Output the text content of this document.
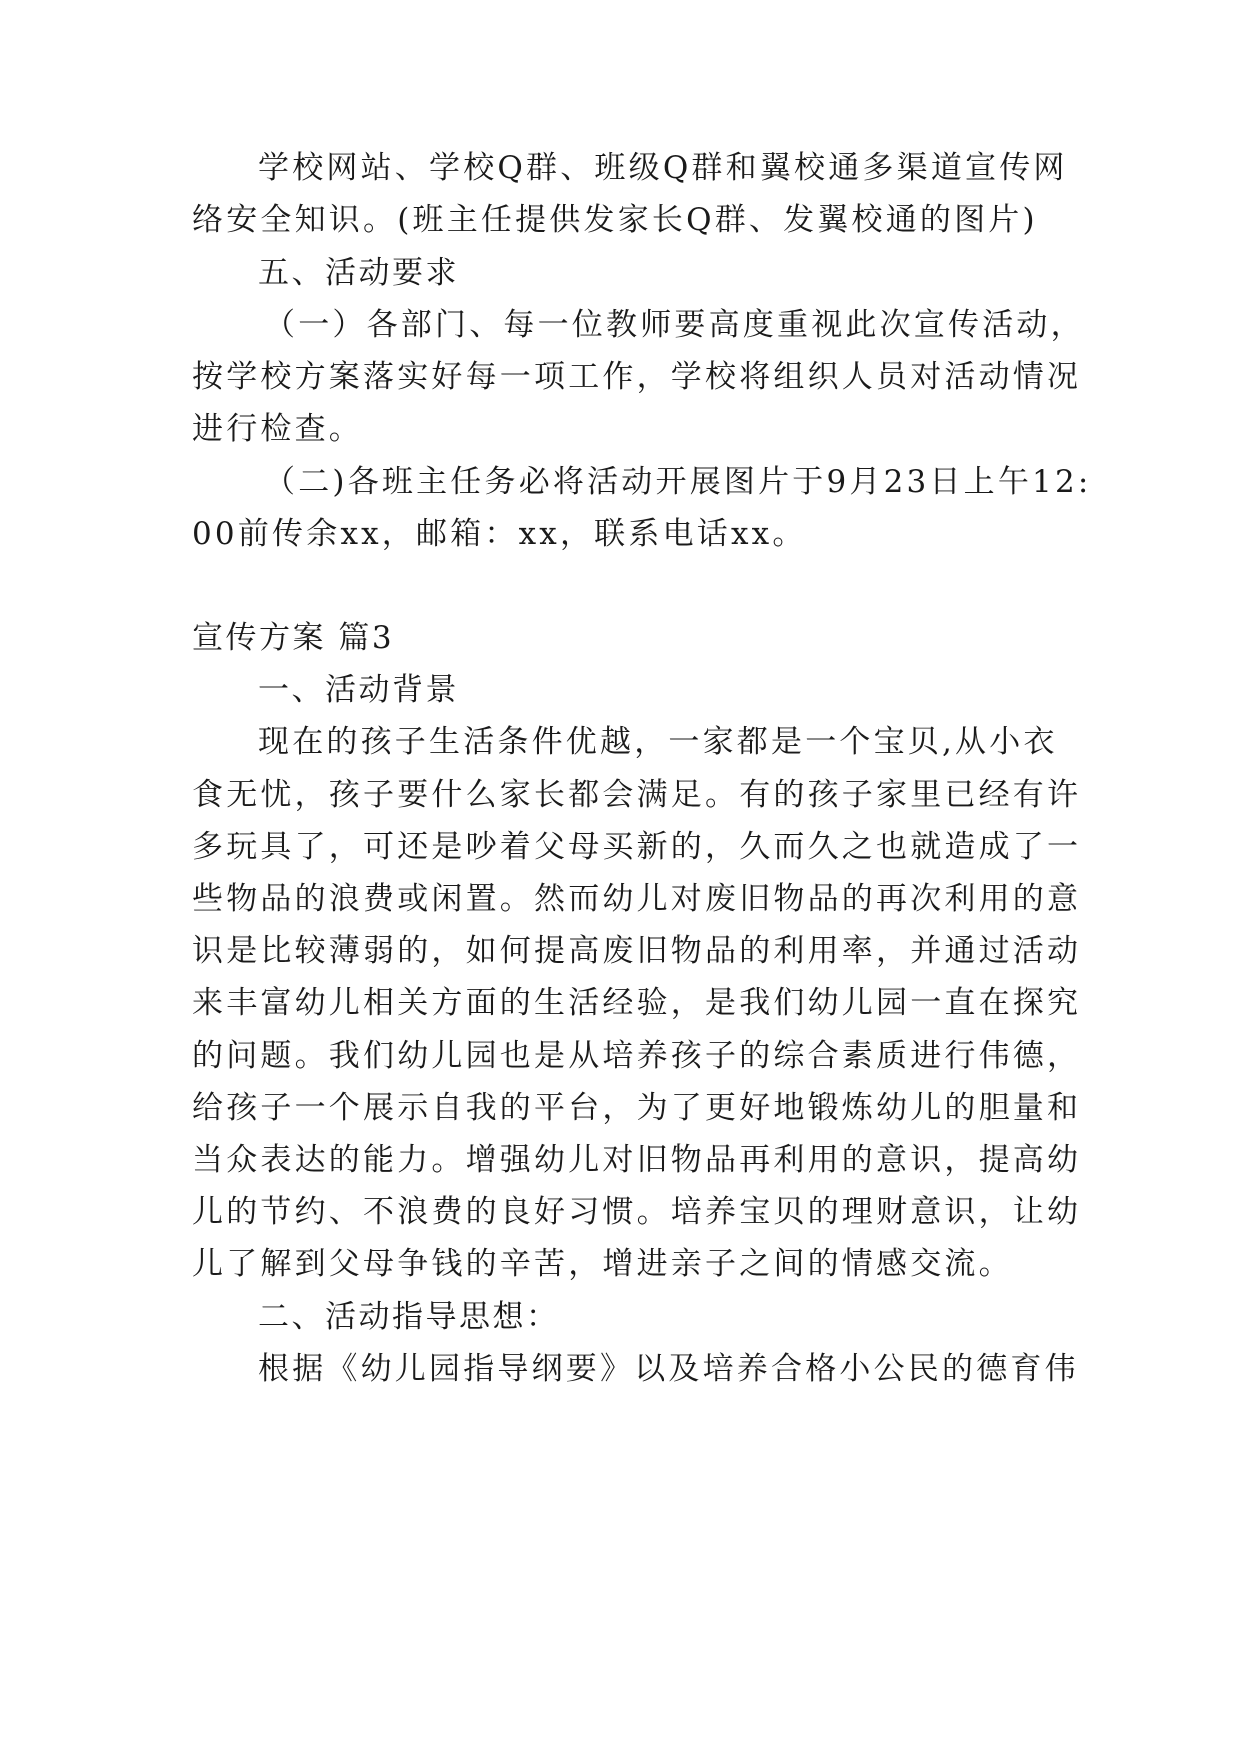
学校网站、学校Q群、班级Q群和翼校通多渠道宣传网
络安全知识。(班主任提供发家长Q群、发翼校通的图片)
五、活动要求
（一）各部门、每一位教师要高度重视此次宣传活动，
按学校方案落实好每一项工作，学校将组织人员对活动情况
进行检查。
（二)各班主任务必将活动开展图片于9月23日上午12:
00前传余xx，邮箱：xx，联系电话xx。
宣传方案 篇3
一、活动背景
现在的孩子生活条件优越，一家都是一个宝贝,从小衣
食无忧，孩子要什么家长都会满足。有的孩子家里已经有许
多玩具了，可还是吵着父母买新的，久而久之也就造成了一
些物品的浪费或闲置。然而幼儿对废旧物品的再次利用的意
识是比较薄弱的，如何提高废旧物品的利用率，并通过活动
来丰富幼儿相关方面的生活经验，是我们幼儿园一直在探究
的问题。我们幼儿园也是从培养孩子的综合素质进行伟德，
给孩子一个展示自我的平台，为了更好地锻炼幼儿的胆量和
当众表达的能力。增强幼儿对旧物品再利用的意识，提高幼
儿的节约、不浪费的良好习惯。培养宝贝的理财意识，让幼
儿了解到父母争钱的辛苦，增进亲子之间的情感交流。
二、活动指导思想：
根据《幼儿园指导纲要》以及培养合格小公民的德育伟
